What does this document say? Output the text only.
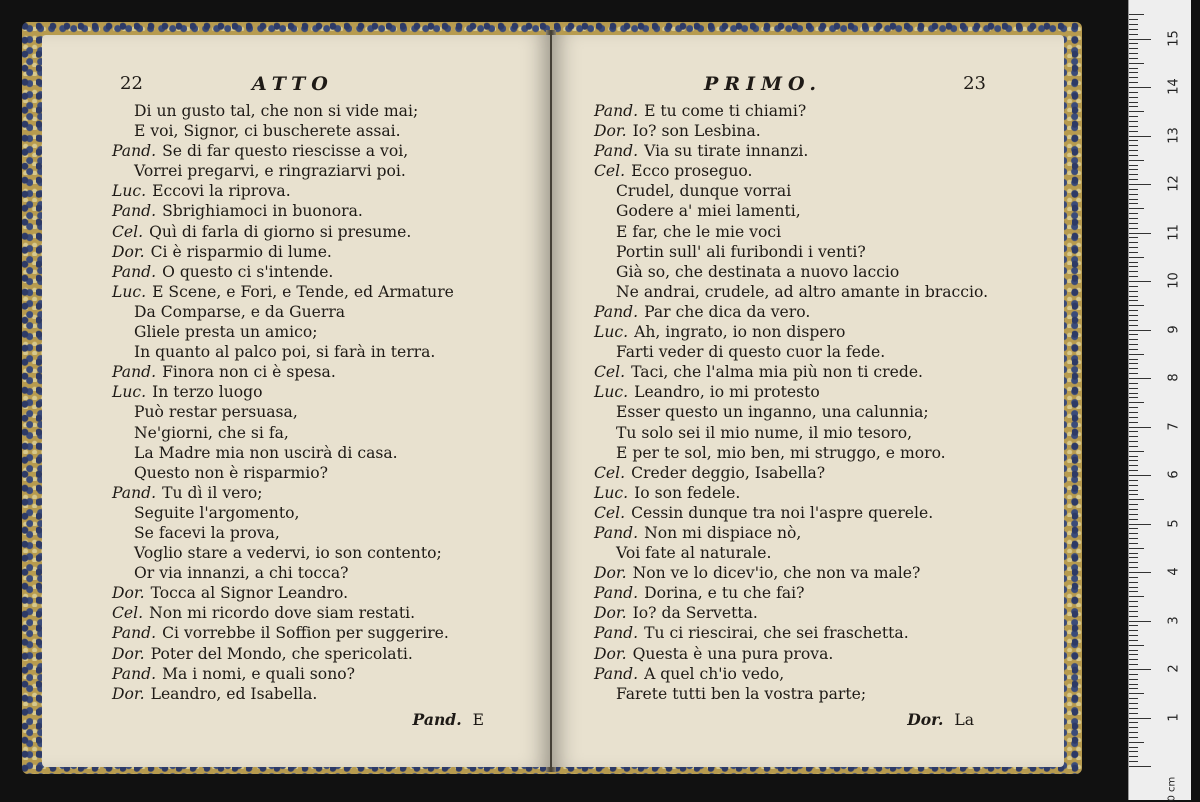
22	ATTO
Di un gusto tal, che non si vide mai;
E voi, Signor, ci buscherete assai.
Pand. Se di far questo riescisse a voi,
Vorrei pregarvi, e ringraziarvi poi.
Luc. Eccovi la riprova.
Pand. Sbrighiamoci in buonora.
Cel. Quì di farla di giorno si presume.
Dor. Ci è risparmio di lume.
Pand. O questo ci s'intende.
Luc. E Scene, e Fori, e Tende, ed Armature
Da Comparse, e da Guerra
Gliele presta un amico;
In quanto al palco poi, si farà in terra.
Pand. Finora non ci è spesa.
Luc. In terzo luogo
Può restar persuasa,
Ne'giorni, che si fa,
La Madre mia non uscirà di casa.
Questo non è risparmio?
Pand. Tu dì il vero;
Seguite l'argomento,
Se facevi la prova,
Voglio stare a vedervi, io son contento;
Or via innanzi, a chi tocca?
Dor. Tocca al Signor Leandro.
Cel. Non mi ricordo dove siam restati.
Pand. Ci vorrebbe il Soffion per suggerire.
Dor. Poter del Mondo, che spericolati.
Pand. Ma i nomi, e quali sono?
Dor. Leandro, ed Isabella.
Pand. E
PRIMO.	23
Pand. E tu come ti chiami?
Dor. Io? son Lesbina.
Pand. Via su tirate innanzi.
Cel. Ecco proseguo.
Crudel, dunque vorrai
Godere a' miei lamenti,
E far, che le mie voci
Portin sull' ali furibondi i venti?
Già so, che destinata a nuovo laccio
Ne andrai, crudele, ad altro amante in braccio.
Pand. Par che dica da vero.
Luc. Ah, ingrato, io non dispero
Farti veder di questo cuor la fede.
Cel. Taci, che l'alma mia più non ti crede.
Luc. Leandro, io mi protesto
Esser questo un inganno, una calunnia;
Tu solo sei il mio nume, il mio tesoro,
E per te sol, mio ben, mi struggo, e moro.
Cel. Creder deggio, Isabella?
Luc. Io son fedele.
Cel. Cessin dunque tra noi l'aspre querele.
Pand. Non mi dispiace nò,
Voi fate al naturale.
Dor. Non ve lo dicev'io, che non va male?
Pand. Dorina, e tu che fai?
Dor. Io? da Servetta.
Pand. Tu ci riescirai, che sei fraschetta.
Dor. Questa è una pura prova.
Pand. A quel ch'io vedo,
Farete tutti ben la vostra parte;
Dor. La
0 cm
1
2
3
4
5
6
7
8
9
10
11
12
13
14
15
